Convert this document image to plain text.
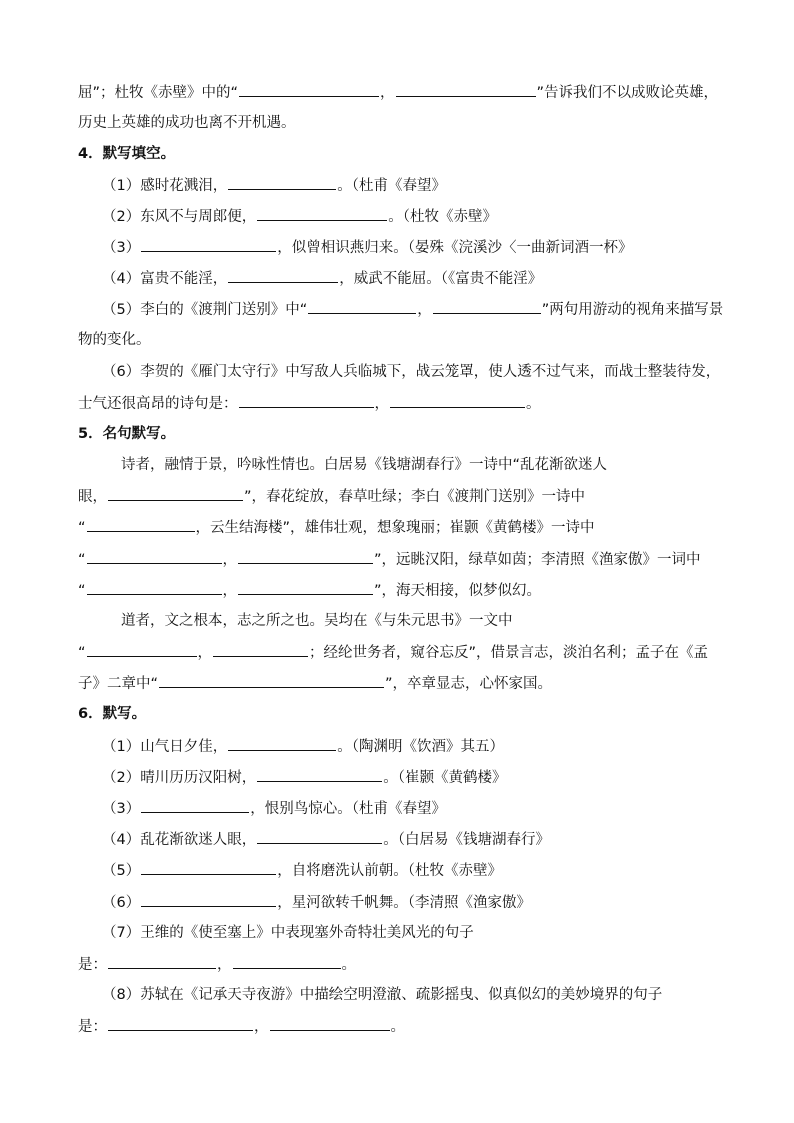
屈”；杜牧《赤壁》中的“	，	”告诉我们不以成败论英雄，
历史上英雄的成功也离不开机遇。
4．默写填空。
（1）感时花溅泪，	。（杜甫《春望》
（2）东风不与周郎便，	。（杜牧《赤壁》
（3）	，似曾相识燕归来。（晏殊《浣溪沙〈一曲新词酒一杯》
（4）富贵不能淫，	，威武不能屈。（《富贵不能淫》
（5）李白的《渡荆门送别》中“	，	”两句用游动的视角来描写景
物的变化。
（6）李贺的《雁门太守行》中写敌人兵临城下，战云笼罩，使人透不过气来，而战士整装待发，
士气还很高昂的诗句是：	，	。
5．名句默写。
诗者，融情于景，吟咏性情也。白居易《钱塘湖春行》一诗中“乱花渐欲迷人
眼，	”，春花绽放，春草吐绿；李白《渡荆门送别》一诗中
“	，云生结海楼”，雄伟壮观，想象瑰丽；崔颢《黄鹤楼》一诗中
“	，	”，远眺汉阳，绿草如茵；李清照《渔家傲》一词中
“	，	”，海天相接，似梦似幻。
道者，文之根本，志之所之也。吴均在《与朱元思书》一文中
“	，	；经纶世务者，窥谷忘反”，借景言志，淡泊名利；孟子在《孟
子》二章中“	”，卒章显志，心怀家国。
6．默写。
（1）山气日夕佳，	。（陶渊明《饮酒》其五）
（2）晴川历历汉阳树，	。（崔颢《黄鹤楼》
（3）	，恨别鸟惊心。（杜甫《春望》
（4）乱花渐欲迷人眼，	。（白居易《钱塘湖春行》
（5）	，自将磨洗认前朝。（杜牧《赤壁》
（6）	，星河欲转千帆舞。（李清照《渔家傲》
（7）王维的《使至塞上》中表现塞外奇特壮美风光的句子
是：	，	。
（8）苏轼在《记承天寺夜游》中描绘空明澄澈、疏影摇曳、似真似幻的美妙境界的句子
是：	，	。
